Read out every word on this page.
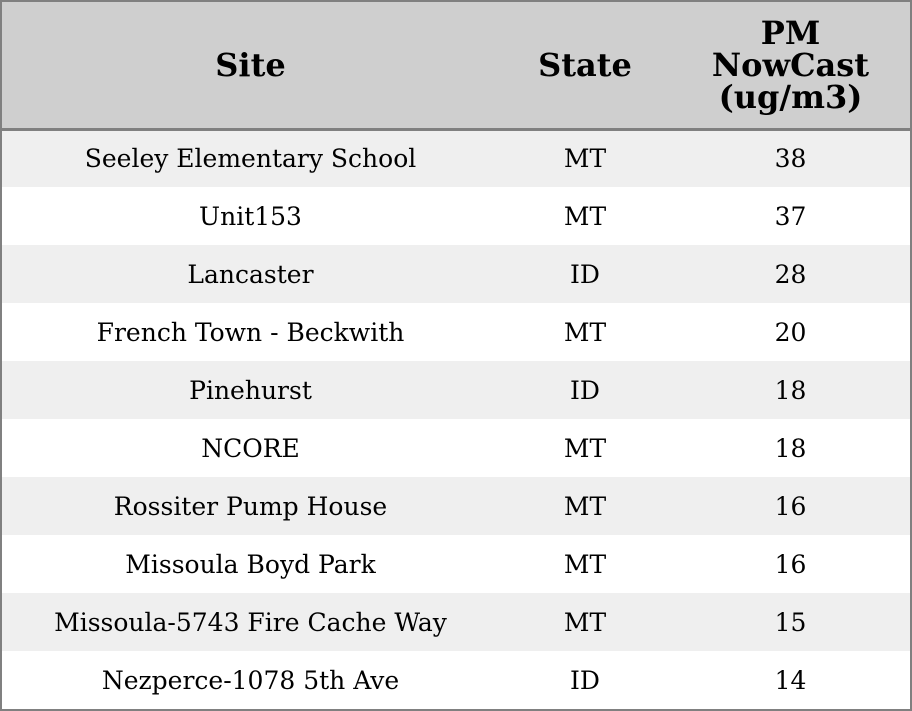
Site	State	PM
NowCast
(ug/m3)
Seeley Elementary School	MT	38
Unit153	MT	37
Lancaster	ID	28
French Town - Beckwith	MT	20
Pinehurst	ID	18
NCORE	MT	18
Rossiter Pump House	MT	16
Missoula Boyd Park	MT	16
Missoula-5743 Fire Cache Way	MT	15
Nezperce-1078 5th Ave	ID	14
